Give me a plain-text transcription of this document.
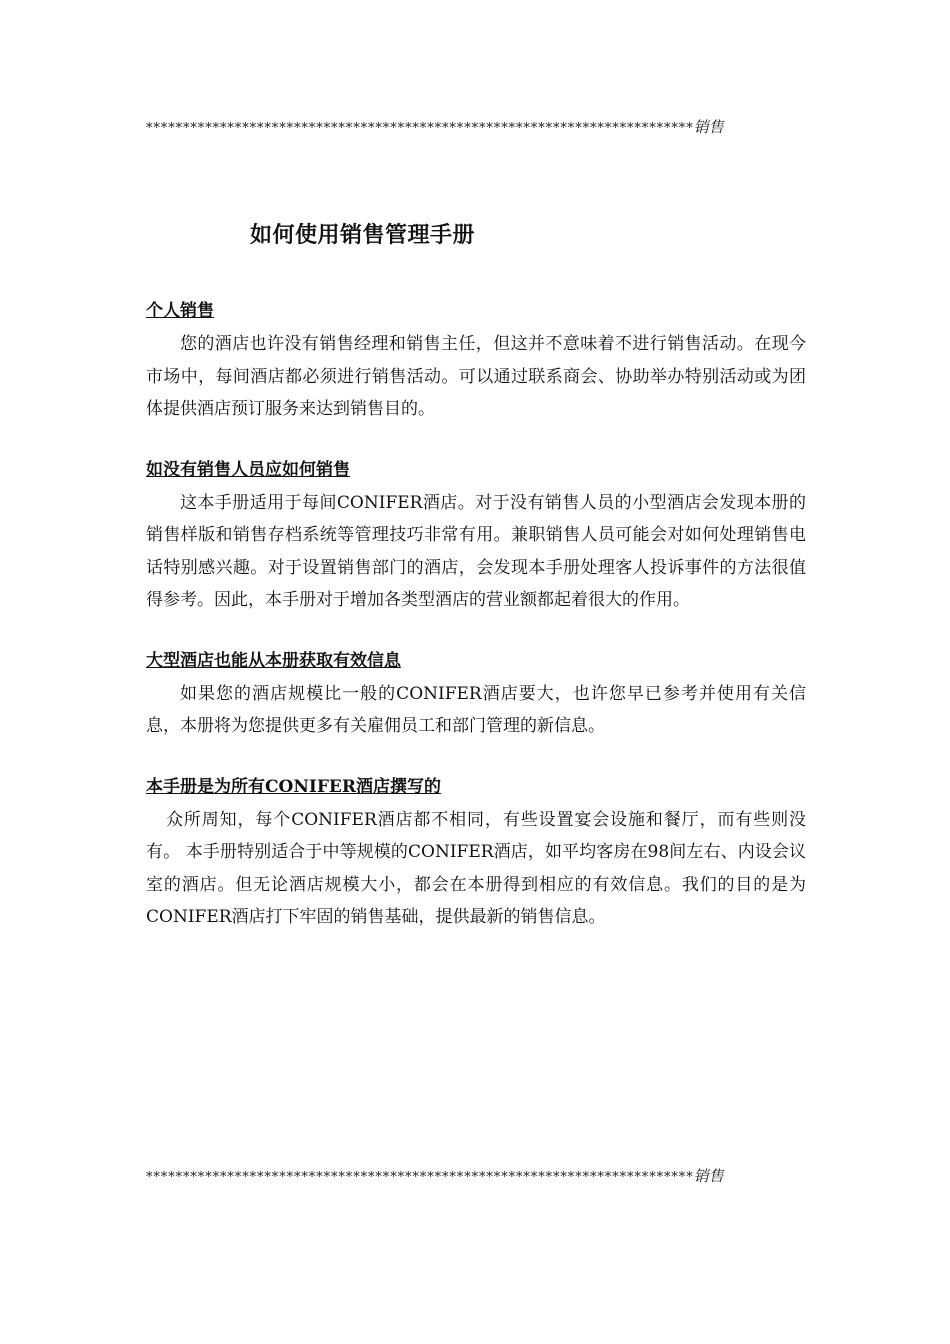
**************************************************************************销售
如何使用销售管理手册

个人销售

您的酒店也许没有销售经理和销售主任，但这并不意味着不进行销售活动。在现今市场中，每间酒店都必须进行销售活动。可以通过联系商会、协助举办特别活动或为团体提供酒店预订服务来达到销售目的。

如没有销售人员应如何销售

这本手册适用于每间CONIFER酒店。对于没有销售人员的小型酒店会发现本册的销售样版和销售存档系统等管理技巧非常有用。兼职销售人员可能会对如何处理销售电话特别感兴趣。对于设置销售部门的酒店，会发现本手册处理客人投诉事件的方法很值得参考。因此，本手册对于增加各类型酒店的营业额都起着很大的作用。

大型酒店也能从本册获取有效信息

如果您的酒店规模比一般的CONIFER酒店要大，也许您早已参考并使用有关信息，本册将为您提供更多有关雇佣员工和部门管理的新信息。

本手册是为所有CONIFER酒店撰写的

众所周知，每个CONIFER酒店都不相同，有些设置宴会设施和餐厅，而有些则没有。 本手册特别适合于中等规模的CONIFER酒店，如平均客房在98间左右、内设会议室的酒店。但无论酒店规模大小，都会在本册得到相应的有效信息。我们的目的是为CONIFER酒店打下牢固的销售基础，提供最新的销售信息。

**************************************************************************销售
